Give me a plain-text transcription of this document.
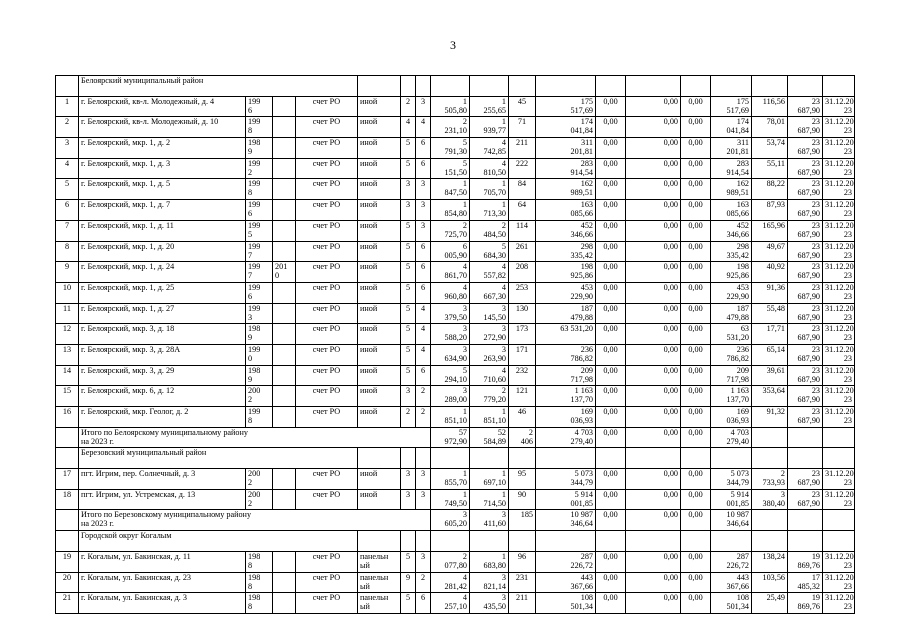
3

	Белоярский муниципальный район																	

1	г. Белоярский, кв-л. Молодежный, д. 4	199
6		счет РО	иной	2	3	1
505,80	1
255,65	45	175
517,69	0,00	0,00	0,00	175
517,69	116,56	23
687,90	31.12.20
23

2	г. Белоярский, кв-л. Молодежный, д. 10	199
8		счет РО	иной	4	4	2
231,10	1
939,77	71	174
041,84	0,00	0,00	0,00	174
041,84	78,01	23
687,90	31.12.20
23

3	г. Белоярский, мкр. 1, д. 2	198
9		счет РО	иной	5	6	5
791,30	4
742,85	211	311
201,81	0,00	0,00	0,00	311
201,81	53,74	23
687,90	31.12.20
23

4	г. Белоярский, мкр. 1, д. 3	199
2		счет РО	иной	5	6	5
151,50	4
810,50	222	283
914,54	0,00	0,00	0,00	283
914,54	55,11	23
687,90	31.12.20
23

5	г. Белоярский, мкр. 1, д. 5	199
8		счет РО	иной	3	3	1
847,50	1
705,70	84	162
989,51	0,00	0,00	0,00	162
989,51	88,22	23
687,90	31.12.20
23

6	г. Белоярский, мкр. 1, д. 7	199
6		счет РО	иной	3	3	1
854,80	1
713,30	64	163
085,66	0,00	0,00	0,00	163
085,66	87,93	23
687,90	31.12.20
23

7	г. Белоярский, мкр. 1, д. 11	199
5		счет РО	иной	5	3	2
725,70	2
484,50	114	452
346,66	0,00	0,00	0,00	452
346,66	165,96	23
687,90	31.12.20
23

8	г. Белоярский, мкр. 1, д. 20	199
7		счет РО	иной	5	6	6
005,90	5
684,30	261	298
335,42	0,00	0,00	0,00	298
335,42	49,67	23
687,90	31.12.20
23

9	г. Белоярский, мкр. 1, д. 24	199
7	201
0	счет РО	иной	5	6	4
861,70	4
557,82	208	198
925,86	0,00	0,00	0,00	198
925,86	40,92	23
687,90	31.12.20
23

10	г. Белоярский, мкр. 1, д. 25	199
6		счет РО	иной	5	6	4
960,80	4
667,30	253	453
229,90	0,00	0,00	0,00	453
229,90	91,36	23
687,90	31.12.20
23

11	г. Белоярский, мкр. 1, д. 27	199
3		счет РО	иной	5	4	3
379,50	3
145,50	130	187
479,88	0,00	0,00	0,00	187
479,88	55,48	23
687,90	31.12.20
23

12	г. Белоярский, мкр. 3, д. 18	198
9		счет РО	иной	5	4	3
588,20	3
272,90	173	63 531,20	0,00	0,00	0,00	63
531,20	17,71	23
687,90	31.12.20
23

13	г. Белоярский, мкр. 3, д. 28А	199
0		счет РО	иной	5	4	3
634,90	3
263,90	171	236
786,82	0,00	0,00	0,00	236
786,82	65,14	23
687,90	31.12.20
23

14	г. Белоярский, мкр. 3, д. 29	198
9		счет РО	иной	5	6	5
294,10	4
710,60	232	209
717,98	0,00	0,00	0,00	209
717,98	39,61	23
687,90	31.12.20
23

15	г. Белоярский, мкр. 6, д. 12	200
2		счет РО	иной	3	2	3
289,00	2
779,20	121	1 163
137,70	0,00	0,00	0,00	1 163
137,70	353,64	23
687,90	31.12.20
23

16	г. Белоярский, мкр. Геолог, д. 2	199
8		счет РО	иной	2	2	1
851,10	1
851,10	46	169
036,93	0,00	0,00	0,00	169
036,93	91,32	23
687,90	31.12.20
23

	Итого по Белоярскому муниципальному району
на 2023 г.							57
972,90	52
584,89	2
406	4 703
279,40	0,00	0,00	0,00	4 703
279,40			

	Березовский муниципальный район																	

17	пгт. Игрим, пер. Солнечный, д. 3	200
2		счет РО	иной	3	3	1
855,70	1
697,10	95	5 073
344,79	0,00	0,00	0,00	5 073
344,79	2
733,93	23
687,90	31.12.20
23

18	пгт. Игрим, ул. Устремская, д. 13	200
2		счет РО	иной	3	3	1
749,50	1
714,50	90	5 914
001,85	0,00	0,00	0,00	5 914
001,85	3
380,40	23
687,90	31.12.20
23

	Итого по Березовскому муниципальному району
на 2023 г.							3
605,20	3
411,60	185	10 987
346,64	0,00	0,00	0,00	10 987
346,64			

	Городской округ Когалым																	

19	г. Когалым, ул. Бакинская, д. 11	198
8		счет РО	панельн
ый	5	3	2
077,80	1
683,80	96	287
226,72	0,00	0,00	0,00	287
226,72	138,24	19
869,76	31.12.20
23

20	г. Когалым, ул. Бакинская, д. 23	198
8		счет РО	панельн
ый	9	2	4
281,42	3
821,14	231	443
367,66	0,00	0,00	0,00	443
367,66	103,56	17
485,32	31.12.20
23

21	г. Когалым, ул. Бакинская, д. 3	198
8		счет РО	панельн
ый	5	6	4
257,10	3
435,50	211	108
501,34	0,00	0,00	0,00	108
501,34	25,49	19
869,76	31.12.20
23
